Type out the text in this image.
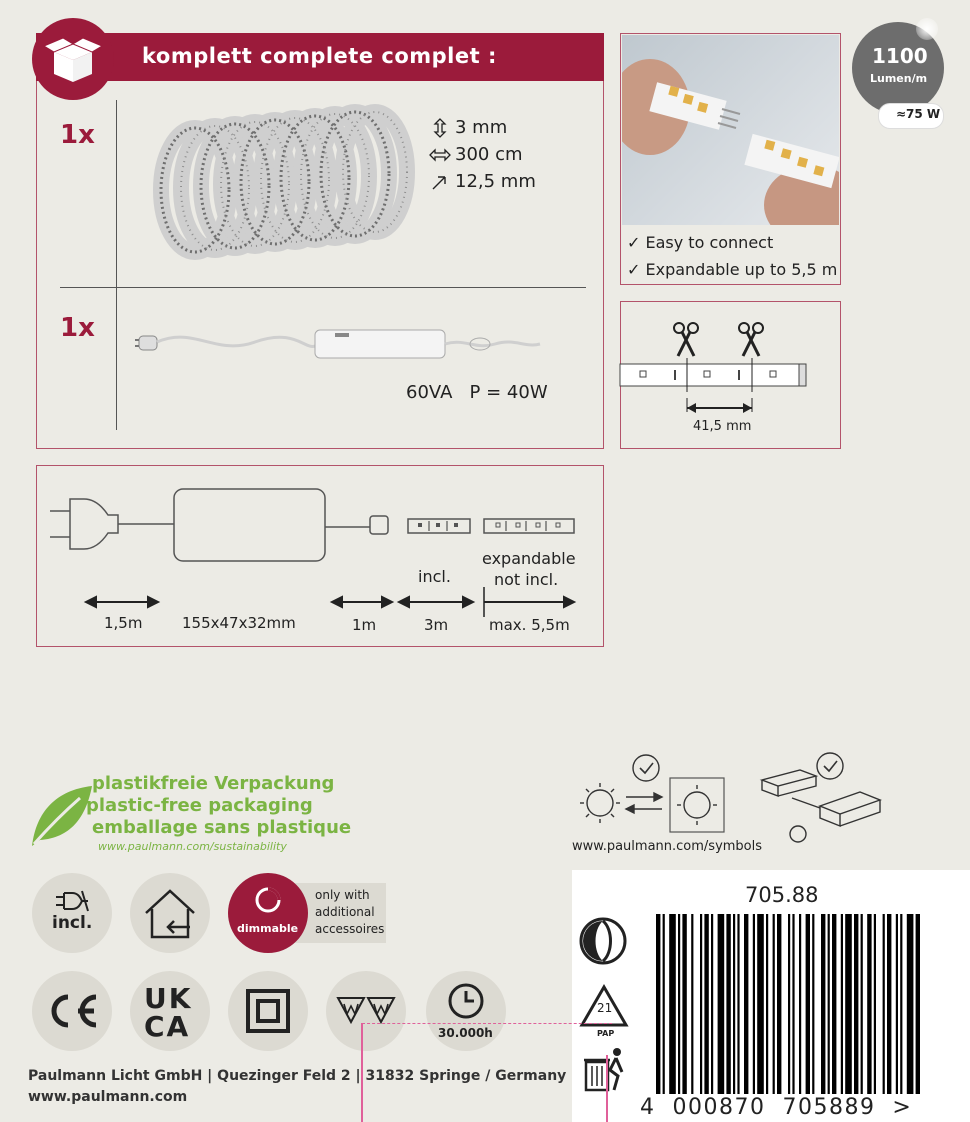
komplett complete complet :
1x	3 mm
300 cm
12,5 mm
1x
60VA   P = 40W
✓ Easy to connect
✓ Expandable up to 5,5 m
1100
Lumen/m
≈75 W
41,5 mm
1,5m	155x47x32mm	1m	3m	max. 5,5m
incl.
expandable
not incl.
plastikfreie Verpackung
plastic-free packaging
emballage sans plastique
www.paulmann.com/sustainability	www.paulmann.com/symbols
incl.	dimmable
only with
additional
accessoires
UK
CA	30.000h
705.88
21
PAP
4  000870  705889  >
Paulmann Licht GmbH | Quezinger Feld 2 | 31832 Springe / Germany
www.paulmann.com
